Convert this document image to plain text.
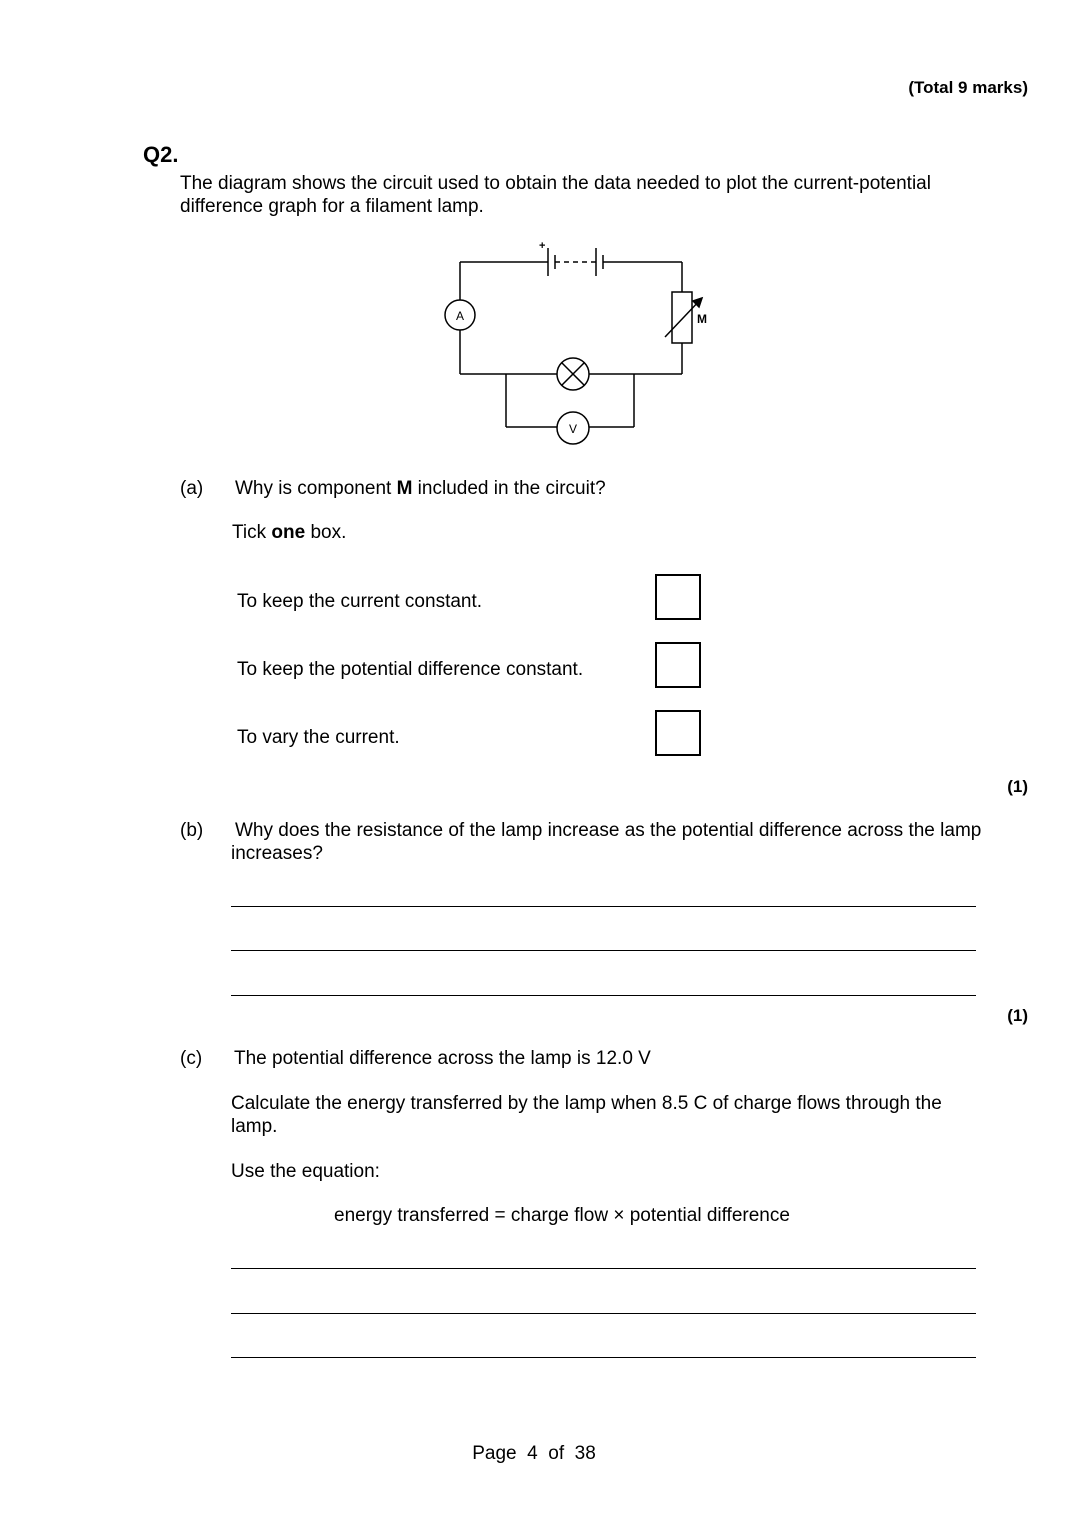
(Total 9 marks)
Q2.
The diagram shows the circuit used to obtain the data needed to plot the current-potential difference graph for a filament lamp.
+
A
V
M
(a) Why is component M included in the circuit?
Tick one box.
To keep the current constant.
To keep the potential difference constant.
To vary the current.
(1)
(b) Why does the resistance of the lamp increase as the potential difference across the lamp increases?
(1)
(c) The potential difference across the lamp is 12.0 V
Calculate the energy transferred by the lamp when 8.5 C of charge flows through the lamp.
Use the equation:
energy transferred = charge flow × potential difference
Page  4  of  38
